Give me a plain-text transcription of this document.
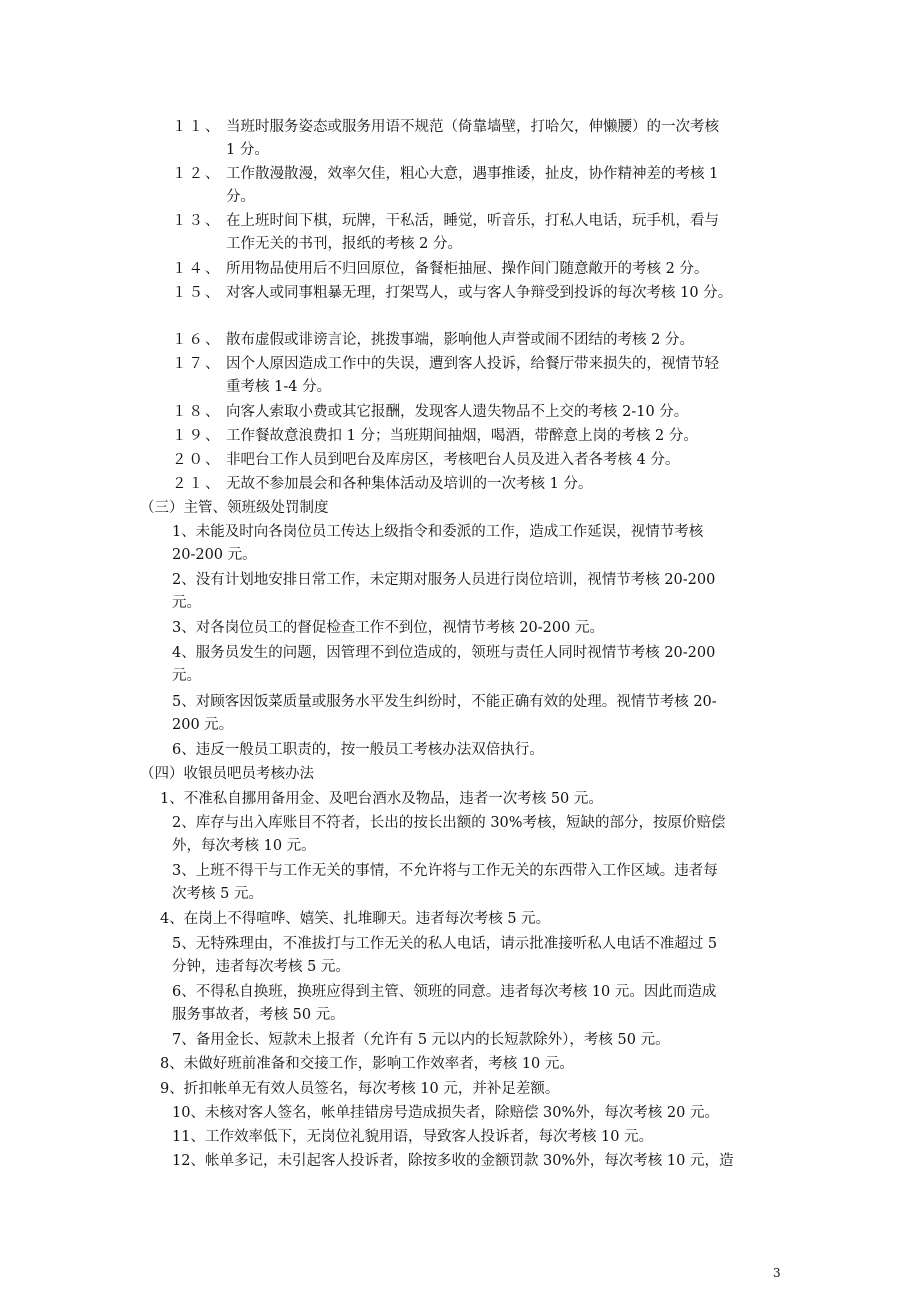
１１、 当班时服务姿态或服务用语不规范（倚靠墙壁，打哈欠，伸懒腰）的一次考核
1 分。
１２、 工作散漫散漫，效率欠佳，粗心大意，遇事推诿，扯皮，协作精神差的考核 1
分。
１３、 在上班时间下棋，玩牌，干私活，睡觉，听音乐，打私人电话，玩手机，看与
工作无关的书刊，报纸的考核 2 分。
１４、 所用物品使用后不归回原位，备餐柜抽屉、操作间门随意敞开的考核 2 分。
１５、 对客人或同事粗暴无理，打架骂人，或与客人争辩受到投诉的每次考核 10 分。
１６、 散布虚假或诽谤言论，挑拨事端，影响他人声誉或闹不团结的考核 2 分。
１７、 因个人原因造成工作中的失误，遭到客人投诉，给餐厅带来损失的，视情节轻
重考核 1-4 分。
１８、 向客人索取小费或其它报酬，发现客人遗失物品不上交的考核 2-10 分。
１９、 工作餐故意浪费扣 1 分；当班期间抽烟，喝酒，带醉意上岗的考核 2 分。
２０、 非吧台工作人员到吧台及库房区，考核吧台人员及进入者各考核 4 分。
２１、 无故不参加晨会和各种集体活动及培训的一次考核 1 分。
（三）主管、领班级处罚制度
1、未能及时向各岗位员工传达上级指令和委派的工作，造成工作延误，视情节考核
20-200 元。
2、没有计划地安排日常工作，未定期对服务人员进行岗位培训，视情节考核 20-200
元。
3、对各岗位员工的督促检查工作不到位，视情节考核 20-200 元。
4、服务员发生的问题，因管理不到位造成的，领班与责任人同时视情节考核 20-200
元。
5、对顾客因饭菜质量或服务水平发生纠纷时，不能正确有效的处理。视情节考核 20-
200 元。
6、违反一般员工职责的，按一般员工考核办法双倍执行。
（四）收银员吧员考核办法
1、不准私自挪用备用金、及吧台酒水及物品，违者一次考核 50 元。
2、库存与出入库账目不符者，长出的按长出额的 30%考核，短缺的部分，按原价赔偿
外，每次考核 10 元。
3、上班不得干与工作无关的事情，不允许将与工作无关的东西带入工作区域。违者每
次考核 5 元。
4、在岗上不得喧哗、嬉笑、扎堆聊天。违者每次考核 5 元。
5、无特殊理由，不准拔打与工作无关的私人电话，请示批准接听私人电话不准超过 5
分钟，违者每次考核 5 元。
6、不得私自换班，换班应得到主管、领班的同意。违者每次考核 10 元。因此而造成
服务事故者，考核 50 元。
7、备用金长、短款未上报者（允许有 5 元以内的长短款除外），考核 50 元。
8、未做好班前准备和交接工作，影响工作效率者，考核 10 元。
9、折扣帐单无有效人员签名，每次考核 10 元，并补足差额。
10、未核对客人签名，帐单挂错房号造成损失者，除赔偿 30%外，每次考核 20 元。
11、工作效率低下，无岗位礼貌用语，导致客人投诉者，每次考核 10 元。
12、帐单多记，未引起客人投诉者，除按多收的金额罚款 30%外，每次考核 10 元，造
3
